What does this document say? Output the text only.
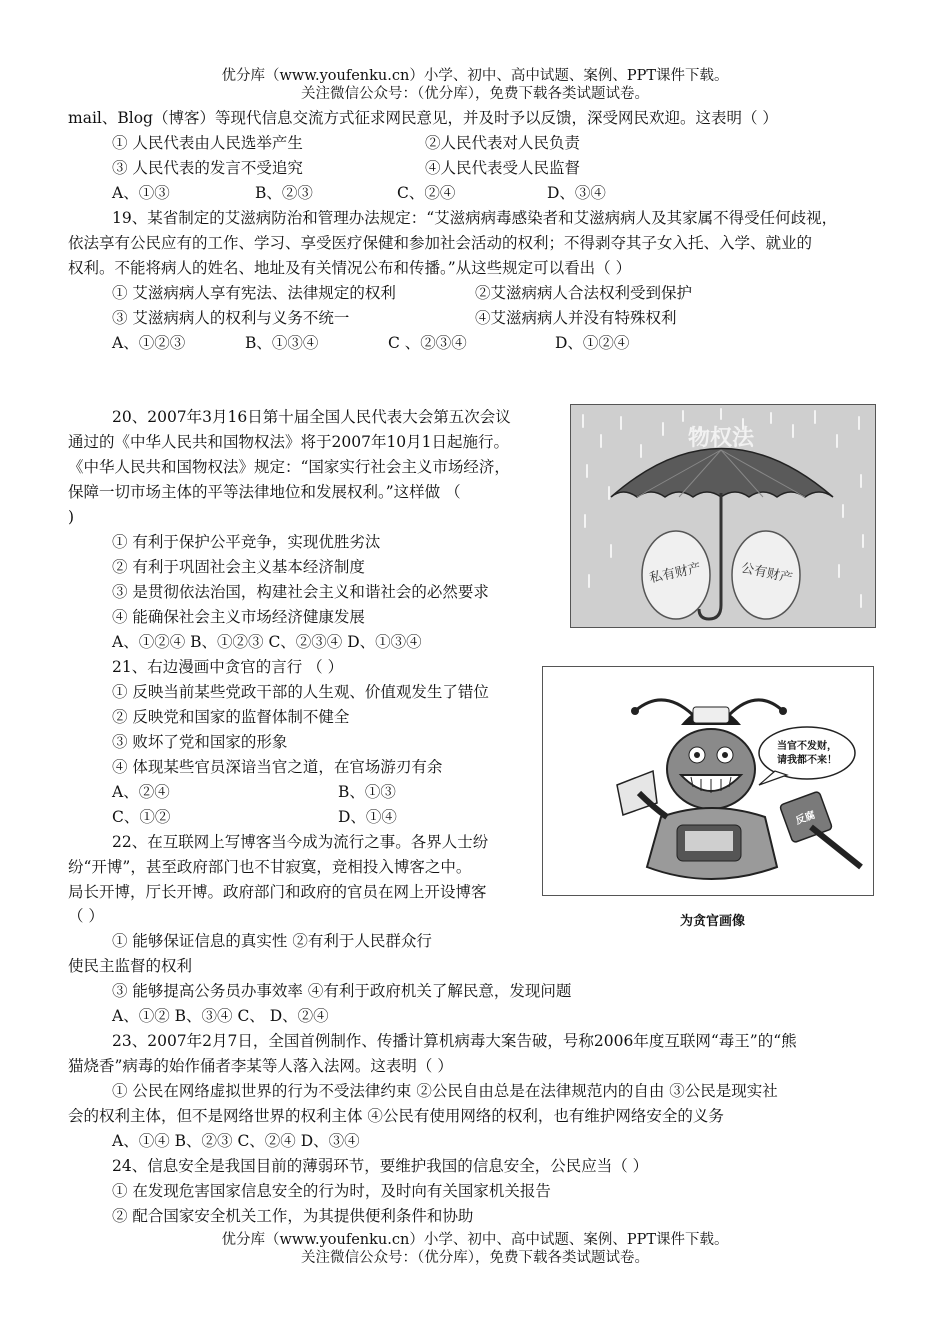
优分库（www.youfenku.cn）小学、初中、高中试题、案例、PPT课件下载。
关注微信公众号：（优分库），免费下载各类试题试卷。
mail、Blog（博客）等现代信息交流方式征求网民意见，并及时予以反馈，深受网民欢迎。这表明（ ）
① 人民代表由人民选举产生	②人民代表对人民负责
③ 人民代表的发言不受追究	④人民代表受人民监督
A、①③	B、②③	C、②④	D、③④
19、某省制定的艾滋病防治和管理办法规定：“艾滋病病毒感染者和艾滋病病人及其家属不得受任何歧视，
依法享有公民应有的工作、学习、享受医疗保健和参加社会活动的权利；不得剥夺其子女入托、入学、就业的
权利。不能将病人的姓名、地址及有关情况公布和传播。”从这些规定可以看出（ ）
① 艾滋病病人享有宪法、法律规定的权利	②艾滋病病人合法权利受到保护
③ 艾滋病病人的权利与义务不统一	④艾滋病病人并没有特殊权利
A、①②③	B、①③④	C 、②③④	D、①②④
20、2007年3月16日第十届全国人民代表大会第五次会议
通过的《中华人民共和国物权法》将于2007年10月1日起施行。
《中华人民共和国物权法》规定：“国家实行社会主义市场经济，
保障一切市场主体的平等法律地位和发展权利。”这样做 （
)
① 有利于保护公平竞争，实现优胜劣汰
② 有利于巩固社会主义基本经济制度
③ 是贯彻依法治国，构建社会主义和谐社会的必然要求
④ 能确保社会主义市场经济健康发展
A、①②④ B、①②③ C、②③④ D、①③④
物权法
私有财产	公有财产
21、右边漫画中贪官的言行 （ ）
① 反映当前某些党政干部的人生观、价值观发生了错位
② 反映党和国家的监督体制不健全
③ 败坏了党和国家的形象
④ 体现某些官员深谙当官之道，在官场游刃有余
A、②④	B、①③
C、①②	D、①④
当官不发财，
请我都不来！
反腐
为贪官画像
22、在互联网上写博客当今成为流行之事。各界人士纷
纷“开博”，甚至政府部门也不甘寂寞，竞相投入博客之中。
局长开博，厅长开博。政府部门和政府的官员在网上开设博客
（ ）
① 能够保证信息的真实性 ②有利于人民群众行
使民主监督的权利
③ 能够提高公务员办事效率 ④有利于政府机关了解民意，发现问题
A、①② B、③④ C、 D、②④
23、2007年2月7日，全国首例制作、传播计算机病毒大案告破，号称2006年度互联网“毒王”的“熊
猫烧香”病毒的始作俑者李某等人落入法网。这表明（ ）
① 公民在网络虚拟世界的行为不受法律约束 ②公民自由总是在法律规范内的自由 ③公民是现实社
会的权利主体，但不是网络世界的权利主体 ④公民有使用网络的权利，也有维护网络安全的义务
A、①④ B、②③ C、②④ D、③④
24、信息安全是我国目前的薄弱环节，要维护我国的信息安全，公民应当（ ）
① 在发现危害国家信息安全的行为时，及时向有关国家机关报告
② 配合国家安全机关工作，为其提供便利条件和协助
优分库（www.youfenku.cn）小学、初中、高中试题、案例、PPT课件下载。
关注微信公众号：（优分库），免费下载各类试题试卷。
